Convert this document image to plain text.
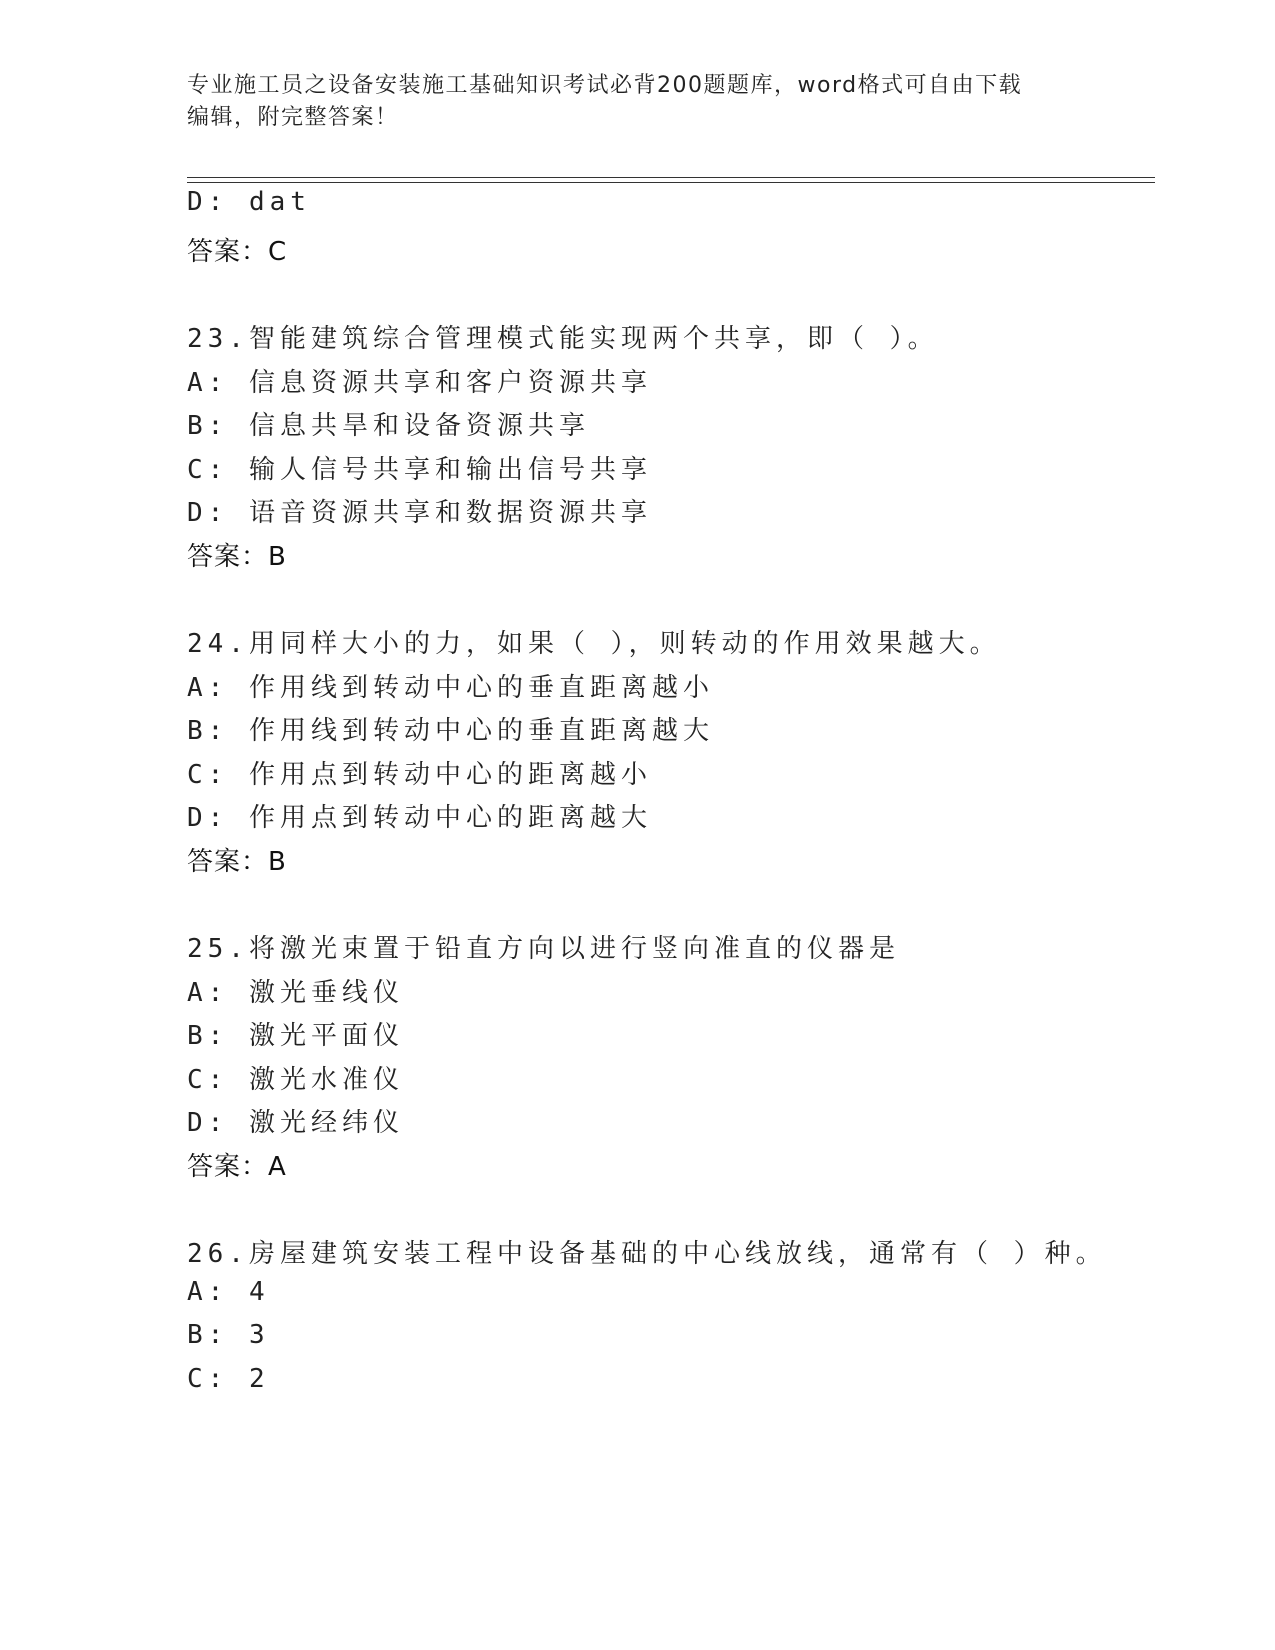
专业施工员之设备安装施工基础知识考试必背200题题库，word格式可自由下载
编辑，附完整答案！
D: dat
答案：C
23.智能建筑综合管理模式能实现两个共享，即（ ）。
A: 信息资源共享和客户资源共享
B: 信息共旱和设备资源共享
C: 输人信号共享和输出信号共享
D: 语音资源共享和数据资源共享
答案：B
24.用同样大小的力，如果（ ），则转动的作用效果越大。
A: 作用线到转动中心的垂直距离越小
B: 作用线到转动中心的垂直距离越大
C: 作用点到转动中心的距离越小
D: 作用点到转动中心的距离越大
答案：B
25.将激光束置于铅直方向以进行竖向准直的仪器是
A: 激光垂线仪
B: 激光平面仪
C: 激光水准仪
D: 激光经纬仪
答案：A
26.房屋建筑安装工程中设备基础的中心线放线，通常有（ ）种。
A: 4
B: 3
C: 2
